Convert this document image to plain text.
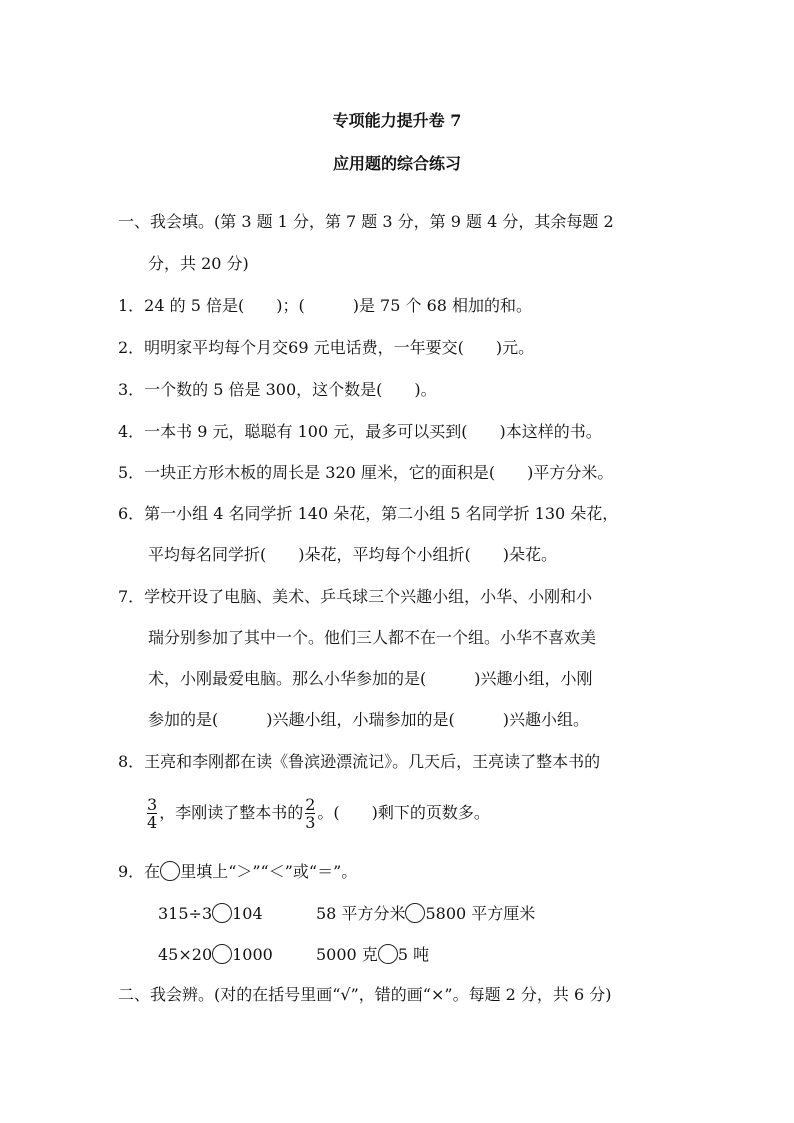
专项能力提升卷 7
应用题的综合练习
一、我会填。(第 3 题 1 分，第 7 题 3 分，第 9 题 4 分，其余每题 2
分，共 20 分)
1．24 的 5 倍是(　　)；(　　　)是 75 个 68 相加的和。
2．明明家平均每个月交69 元电话费，一年要交(　　)元。
3．一个数的 5 倍是 300，这个数是(　　)。
4．一本书 9 元，聪聪有 100 元，最多可以买到(　　)本这样的书。
5．一块正方形木板的周长是 320 厘米，它的面积是(　　)平方分米。
6．第一小组 4 名同学折 140 朵花，第二小组 5 名同学折 130 朵花，
平均每名同学折(　　)朵花，平均每个小组折(　　)朵花。
7．学校开设了电脑、美术、乒乓球三个兴趣小组，小华、小刚和小
瑞分别参加了其中一个。他们三人都不在一个组。小华不喜欢美
术，小刚最爱电脑。那么小华参加的是(　　　)兴趣小组，小刚
参加的是(　　　)兴趣小组，小瑞参加的是(　　　)兴趣小组。
8．王亮和李刚都在读《鲁滨逊漂流记》。几天后，王亮读了整本书的
$\frac{3}{4}$ ，李刚读了整本书的 $\frac{2}{3}$ 。(　　)剩下的页数多。
9．在 里填上“＞”“＜”或“＝”。
315÷3 104	58 平方分米 5800 平方厘米
45×20 1000	5000 克 5 吨
二、我会辨。(对的在括号里画“√”，错的画“×”。每题 2 分，共 6 分)
